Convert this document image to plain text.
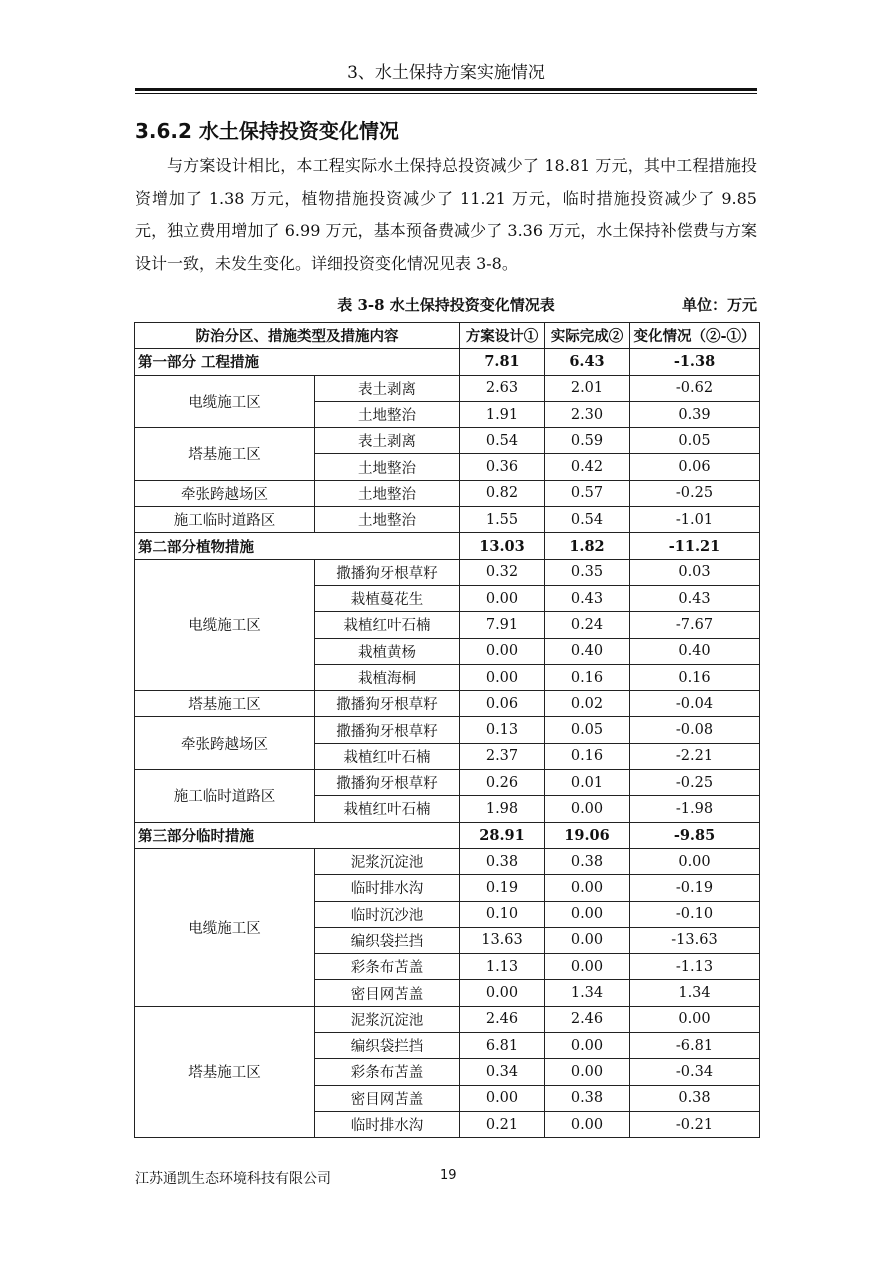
3、水土保持方案实施情况
3.6.2 水土保持投资变化情况
与方案设计相比，本工程实际水土保持总投资减少了 18.81 万元，其中工程措施投资增加了 1.38 万元，植物措施投资减少了 11.21 万元，临时措施投资减少了 9.85 元，独立费用增加了 6.99 万元，基本预备费减少了 3.36 万元，水土保持补偿费与方案设计一致，未发生变化。详细投资变化情况见表 3-8。
表 3-8 水土保持投资变化情况表	单位：万元
防治分区、措施类型及措施内容		方案设计①	实际完成②	变化情况（②-①）
第一部分 工程措施		7.81	6.43	-1.38
电缆施工区	表土剥离	2.63	2.01	-0.62
	土地整治	1.91	2.30	0.39
塔基施工区	表土剥离	0.54	0.59	0.05
	土地整治	0.36	0.42	0.06
牵张跨越场区	土地整治	0.82	0.57	-0.25
施工临时道路区	土地整治	1.55	0.54	-1.01
第二部分植物措施		13.03	1.82	-11.21
电缆施工区	撒播狗牙根草籽	0.32	0.35	0.03
	栽植蔓花生	0.00	0.43	0.43
	栽植红叶石楠	7.91	0.24	-7.67
	栽植黄杨	0.00	0.40	0.40
	栽植海桐	0.00	0.16	0.16
塔基施工区	撒播狗牙根草籽	0.06	0.02	-0.04
牵张跨越场区	撒播狗牙根草籽	0.13	0.05	-0.08
	栽植红叶石楠	2.37	0.16	-2.21
施工临时道路区	撒播狗牙根草籽	0.26	0.01	-0.25
	栽植红叶石楠	1.98	0.00	-1.98
第三部分临时措施		28.91	19.06	-9.85
电缆施工区	泥浆沉淀池	0.38	0.38	0.00
	临时排水沟	0.19	0.00	-0.19
	临时沉沙池	0.10	0.00	-0.10
	编织袋拦挡	13.63	0.00	-13.63
	彩条布苫盖	1.13	0.00	-1.13
	密目网苫盖	0.00	1.34	1.34
塔基施工区	泥浆沉淀池	2.46	2.46	0.00
	编织袋拦挡	6.81	0.00	-6.81
	彩条布苫盖	0.34	0.00	-0.34
	密目网苫盖	0.00	0.38	0.38
	临时排水沟	0.21	0.00	-0.21
江苏通凯生态环境科技有限公司	19
